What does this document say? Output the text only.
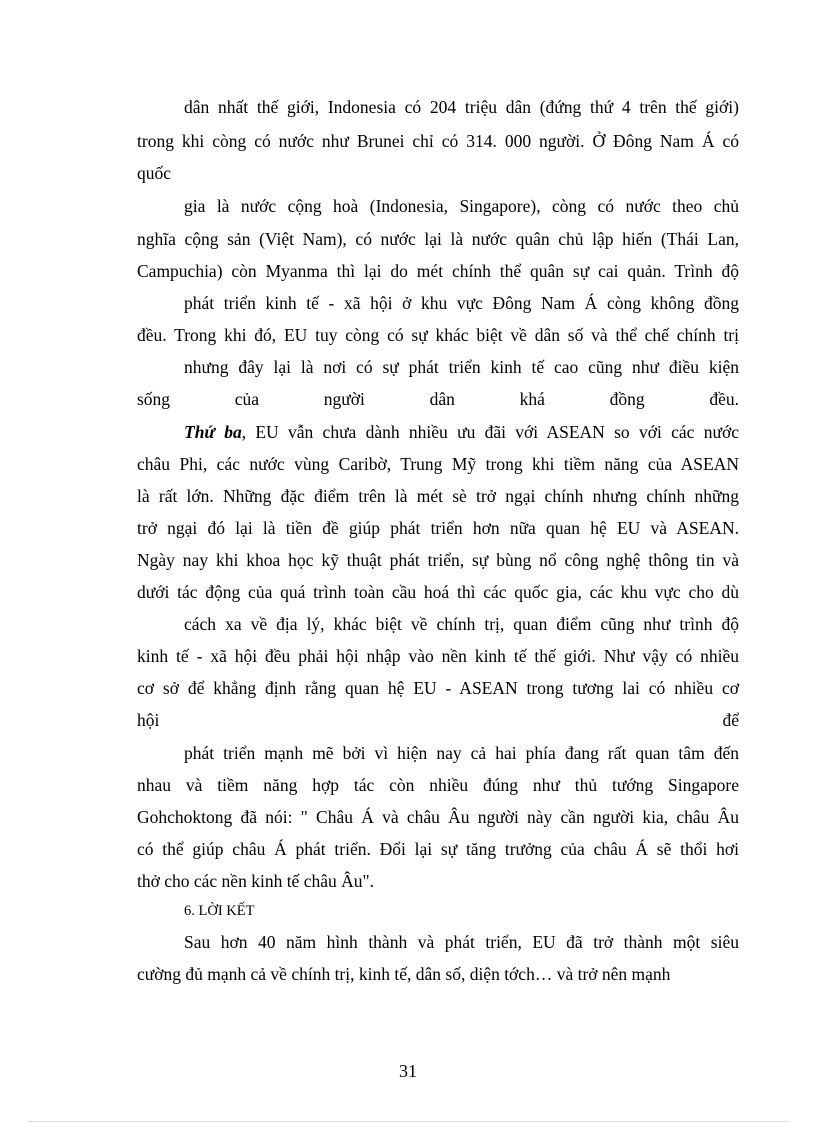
dân nhất thế giới, Indonesia có 204 triệu dân (đứng thứ 4 trên thế giới)
trong khi còng có nước như Brunei chỉ có 314. 000 người. Ở Đông Nam Á có
quốc
gia là nước cộng hoà (Indonesia, Singapore), còng có nước theo chủ
nghĩa cộng sản (Việt Nam), có nước lại là nước quân chủ lập hiến (Thái Lan,
Campuchia) còn Myanma thì lại do mét chính thể quân sự cai quản. Trình độ
phát triển kinh tế - xã hội ở khu vực Đông Nam Á còng không đồng
đều. Trong khi đó, EU tuy còng có sự khác biệt về dân số và thể chế chính trị
nhưng đây lại là nơi có sự phát triển kinh tế cao cũng như điều kiện
sống của người dân khá đồng đều.
Thứ ba, EU vẫn chưa dành nhiều ưu đãi với ASEAN so với các nước
châu Phi, các nước vùng Caribờ, Trung Mỹ trong khi tiềm năng của ASEAN
là rất lớn. Những đặc điểm trên là mét sè trở ngại chính nhưng chính những
trở ngại đó lại là tiền đề giúp phát triển hơn nữa quan hệ EU và ASEAN.
Ngày nay khi khoa học kỹ thuật phát triển, sự bùng nổ công nghệ thông tin và
dưới tác động của quá trình toàn cầu hoá thì các quốc gia, các khu vực cho dù
cách xa về địa lý, khác biệt về chính trị, quan điểm cũng như trình độ
kinh tế - xã hội đều phải hội nhập vào nền kinh tế thế giới. Như vậy có nhiều
cơ sở để khẳng định rằng quan hệ EU - ASEAN trong tương lai có nhiều cơ
hội để
phát triển mạnh mẽ bởi vì hiện nay cả hai phía đang rất quan tâm đến
nhau và tiềm năng hợp tác còn nhiều đúng như thủ tướng Singapore
Gohchoktong đã nói: " Châu Á và châu Âu người này cần người kia, châu Âu
có thể giúp châu Á phát triển. Đổi lại sự tăng trưởng của châu Á sẽ thổi hơi
thở cho các nền kinh tế châu Âu".
6. LỜI KẾT
Sau hơn 40 năm hình thành và phát triển, EU đã trở thành một siêu
cường đủ mạnh cả về chính trị, kinh tế, dân số, diện tớch… và trở nên mạnh
31
